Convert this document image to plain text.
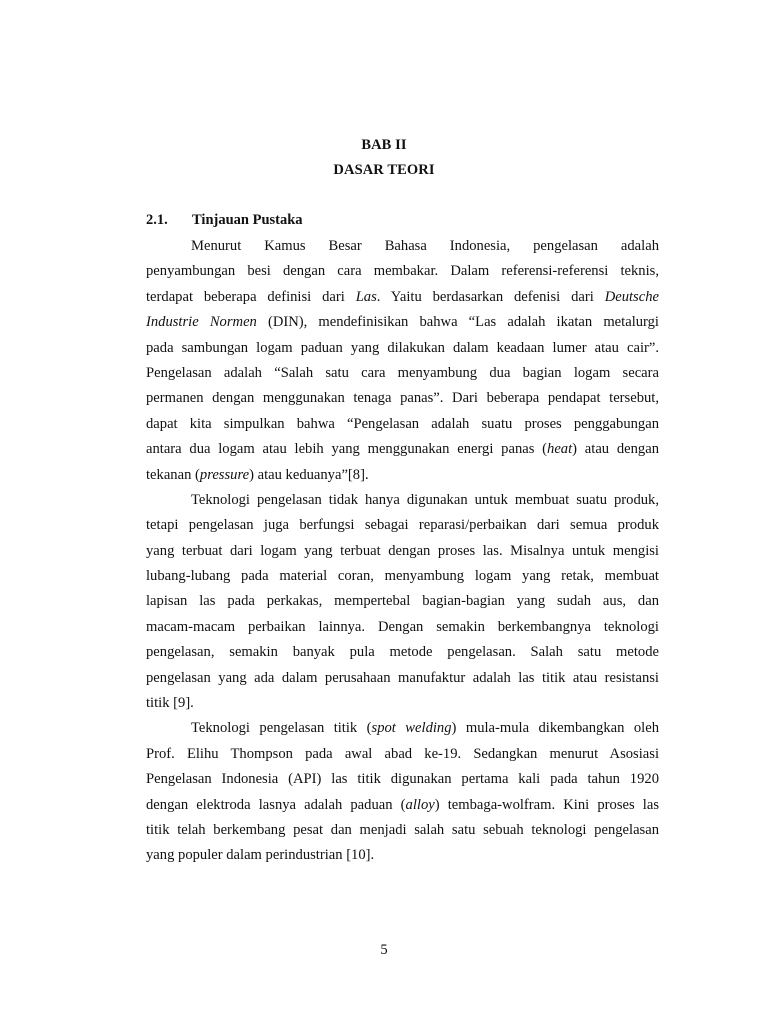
BAB II
DASAR TEORI
2.1. Tinjauan Pustaka
Menurut Kamus Besar Bahasa Indonesia, pengelasan adalah
penyambungan besi dengan cara membakar. Dalam referensi-referensi teknis,
terdapat beberapa definisi dari Las. Yaitu berdasarkan defenisi dari Deutsche
Industrie Normen (DIN), mendefinisikan bahwa “Las adalah ikatan metalurgi
pada sambungan logam paduan yang dilakukan dalam keadaan lumer atau cair”.
Pengelasan adalah “Salah satu cara menyambung dua bagian logam secara
permanen dengan menggunakan tenaga panas”. Dari beberapa pendapat tersebut,
dapat kita simpulkan bahwa “Pengelasan adalah suatu proses penggabungan
antara dua logam atau lebih yang menggunakan energi panas (heat) atau dengan
tekanan (pressure) atau keduanya”[8].
Teknologi pengelasan tidak hanya digunakan untuk membuat suatu produk,
tetapi pengelasan juga berfungsi sebagai reparasi/perbaikan dari semua produk
yang terbuat dari logam yang terbuat dengan proses las. Misalnya untuk mengisi
lubang-lubang pada material coran, menyambung logam yang retak, membuat
lapisan las pada perkakas, mempertebal bagian-bagian yang sudah aus, dan
macam-macam perbaikan lainnya. Dengan semakin berkembangnya teknologi
pengelasan, semakin banyak pula metode pengelasan. Salah satu metode
pengelasan yang ada dalam perusahaan manufaktur adalah las titik atau resistansi
titik [9].
Teknologi pengelasan titik (spot welding) mula-mula dikembangkan oleh
Prof. Elihu Thompson pada awal abad ke-19. Sedangkan menurut Asosiasi
Pengelasan Indonesia (API) las titik digunakan pertama kali pada tahun 1920
dengan elektroda lasnya adalah paduan (alloy) tembaga-wolfram. Kini proses las
titik telah berkembang pesat dan menjadi salah satu sebuah teknologi pengelasan
yang populer dalam perindustrian [10].
5
